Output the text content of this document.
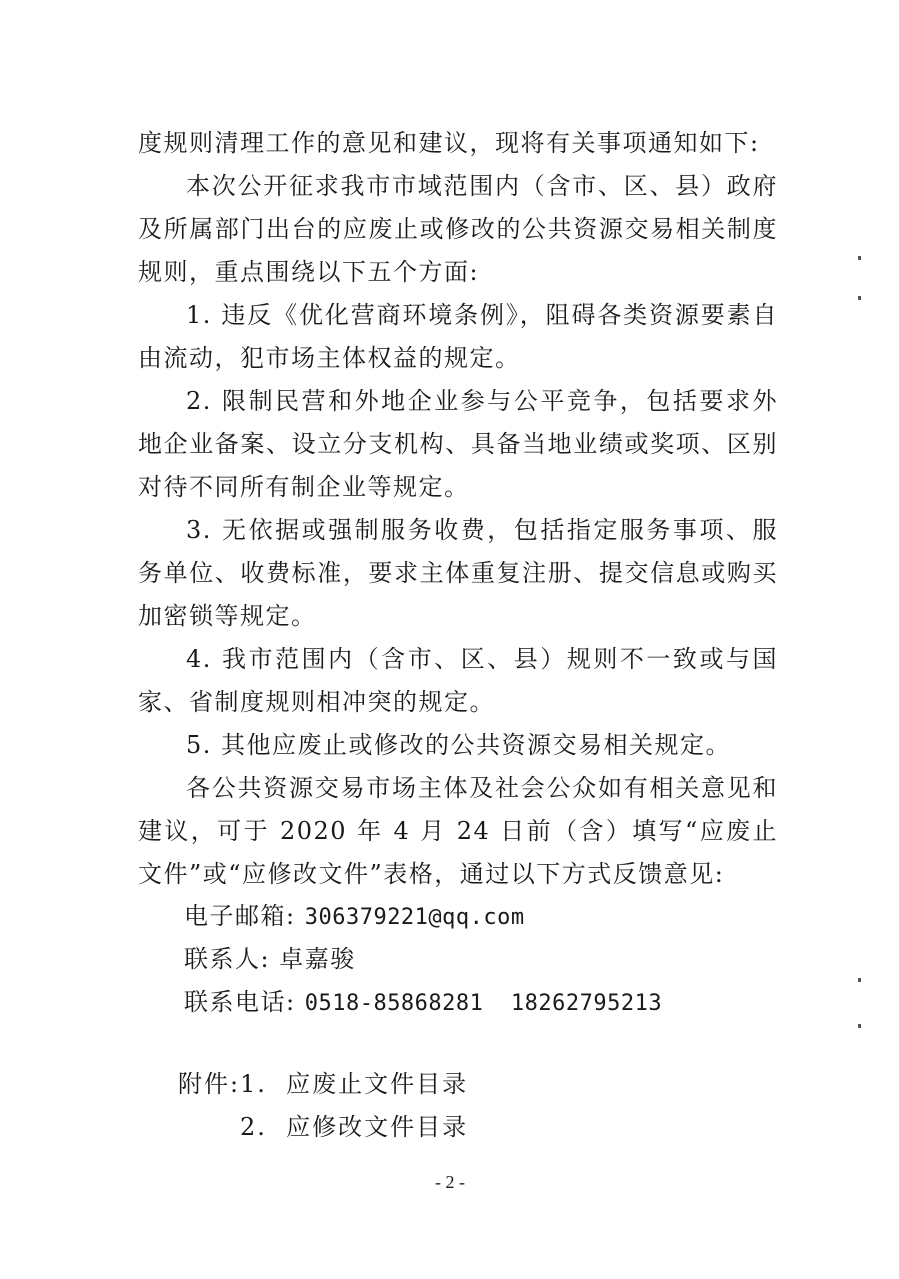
度规则清理工作的意见和建议，现将有关事项通知如下:

本次公开征求我市市域范围内（含市、区、县）政府及所属部门出台的应废止或修改的公共资源交易相关制度规则，重点围绕以下五个方面:

1. 违反《优化营商环境条例》，阻碍各类资源要素自由流动，犯市场主体权益的规定。

2. 限制民营和外地企业参与公平竞争，包括要求外地企业备案、设立分支机构、具备当地业绩或奖项、区别对待不同所有制企业等规定。

3. 无依据或强制服务收费，包括指定服务事项、服务单位、收费标准，要求主体重复注册、提交信息或购买加密锁等规定。

4. 我市范围内（含市、区、县）规则不一致或与国家、省制度规则相冲突的规定。

5. 其他应废止或修改的公共资源交易相关规定。

各公共资源交易市场主体及社会公众如有相关意见和建议，可于 2020 年 4 月 24 日前（含）填写“应废止文件”或“应修改文件”表格，通过以下方式反馈意见:

电子邮箱: 306379221@qq.com
联系人: 卓嘉骏
联系电话: 0518-85868281  18262795213
附件: 1.  应废止文件目录
2.  应修改文件目录
- 2 -
